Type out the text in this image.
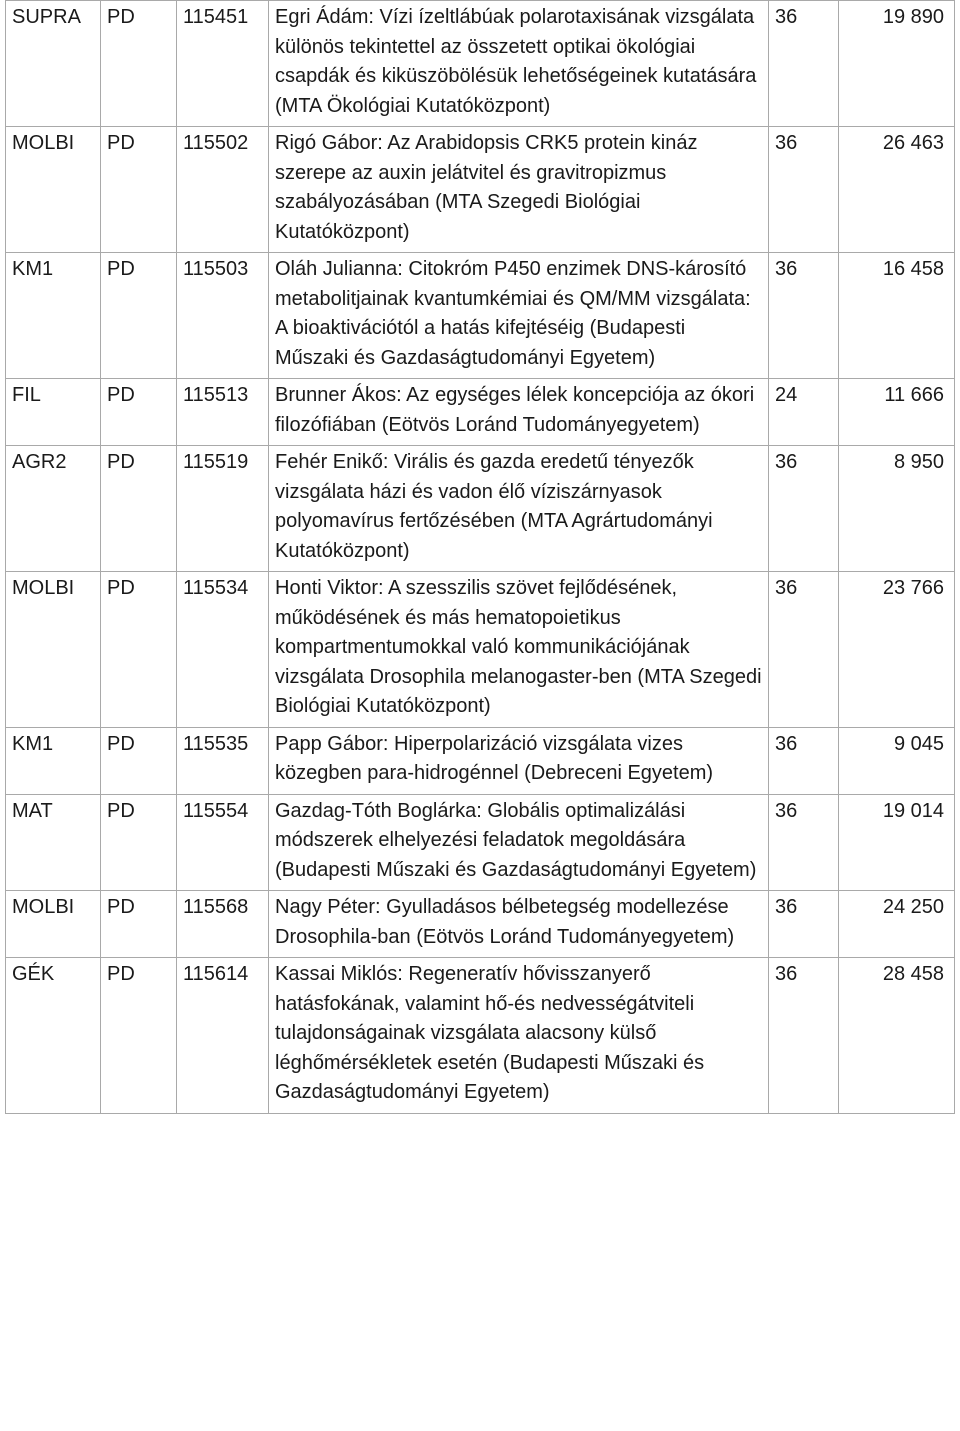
SUPRA	PD	115451	Egri Ádám: Vízi ízeltlábúak polarotaxisának vizsgálata különös tekintettel az összetett optikai ökológiai csapdák és kiküszöbölésük lehetőségeinek kutatására (MTA Ökológiai Kutatóközpont)	36	19 890
MOLBI	PD	115502	Rigó Gábor: Az Arabidopsis CRK5 protein kináz szerepe az auxin jelátvitel és gravitropizmus szabályozásában (MTA Szegedi Biológiai Kutatóközpont)	36	26 463
KM1	PD	115503	Oláh Julianna: Citokróm P450 enzimek DNS-károsító metabolitjainak kvantumkémiai és QM/MM vizsgálata: A bioaktivációtól a hatás kifejtéséig (Budapesti Műszaki és Gazdaságtudományi Egyetem)	36	16 458
FIL	PD	115513	Brunner Ákos: Az egységes lélek koncepciója az ókori filozófiában (Eötvös Loránd Tudományegyetem)	24	11 666
AGR2	PD	115519	Fehér Enikő: Virális és gazda eredetű tényezők vizsgálata házi és vadon élő víziszárnyasok polyomavírus fertőzésében (MTA Agrártudományi Kutatóközpont)	36	8 950
MOLBI	PD	115534	Honti Viktor: A szesszilis szövet fejlődésének, működésének és más hematopoietikus kompartmentumokkal való kommunikációjának vizsgálata Drosophila melanogaster-ben (MTA Szegedi Biológiai Kutatóközpont)	36	23 766
KM1	PD	115535	Papp Gábor: Hiperpolarizáció vizsgálata vizes közegben para-hidrogénnel (Debreceni Egyetem)	36	9 045
MAT	PD	115554	Gazdag-Tóth Boglárka: Globális optimalizálási módszerek elhelyezési feladatok megoldására (Budapesti Műszaki és Gazdaságtudományi Egyetem)	36	19 014
MOLBI	PD	115568	Nagy Péter: Gyulladásos bélbetegség modellezése Drosophila-ban (Eötvös Loránd Tudományegyetem)	36	24 250
GÉK	PD	115614	Kassai Miklós: Regeneratív hővisszanyerő hatásfokának, valamint hő-és nedvességátviteli tulajdonságainak vizsgálata alacsony külső léghőmérsékletek esetén (Budapesti Műszaki és Gazdaságtudományi Egyetem)	36	28 458
